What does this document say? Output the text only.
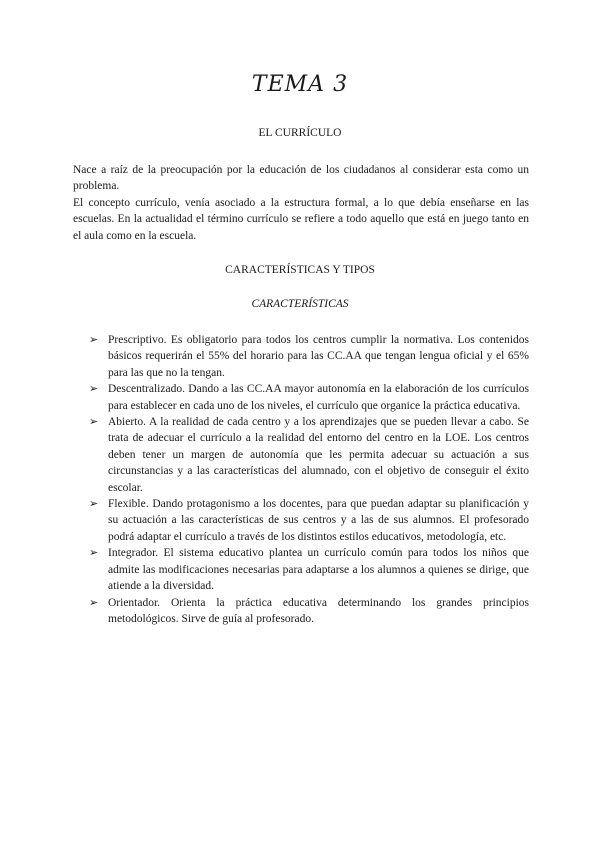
TEMA 3
EL CURRÍCULO

Nace a raíz de la preocupación por la educación de los ciudadanos al considerar esta como un problema.

El concepto currículo, venía asociado a la estructura formal, a lo que debía enseñarse en las escuelas. En la actualidad el término currículo se refiere a todo aquello que está en juego tanto en el aula como en la escuela.

CARACTERÍSTICAS Y TIPOS
CARACTERÍSTICAS
➢ Prescriptivo. Es obligatorio para todos los centros cumplir la normativa. Los contenidos básicos requerirán el 55% del horario para las CC.AA que tengan lengua oficial y el 65% para las que no la tengan.
➢ Descentralizado. Dando a las CC.AA mayor autonomía en la elaboración de los currículos para establecer en cada uno de los niveles, el currículo que organice la práctica educativa.
➢ Abierto. A la realidad de cada centro y a los aprendizajes que se pueden llevar a cabo. Se trata de adecuar el currículo a la realidad del entorno del centro en la LOE. Los centros deben tener un margen de autonomía que les permita adecuar su actuación a sus circunstancias y a las características del alumnado, con el objetivo de conseguir el éxito escolar.
➢ Flexible. Dando protagonismo a los docentes, para que puedan adaptar su planificación y su actuación a las características de sus centros y a las de sus alumnos. El profesorado podrá adaptar el currículo a través de los distintos estilos educativos, metodología, etc.
➢ Integrador. El sistema educativo plantea un currículo común para todos los niños que admite las modificaciones necesarias para adaptarse a los alumnos a quienes se dirige, que atiende a la diversidad.
➢ Orientador. Orienta la práctica educativa determinando los grandes principios metodológicos. Sirve de guía al profesorado.
